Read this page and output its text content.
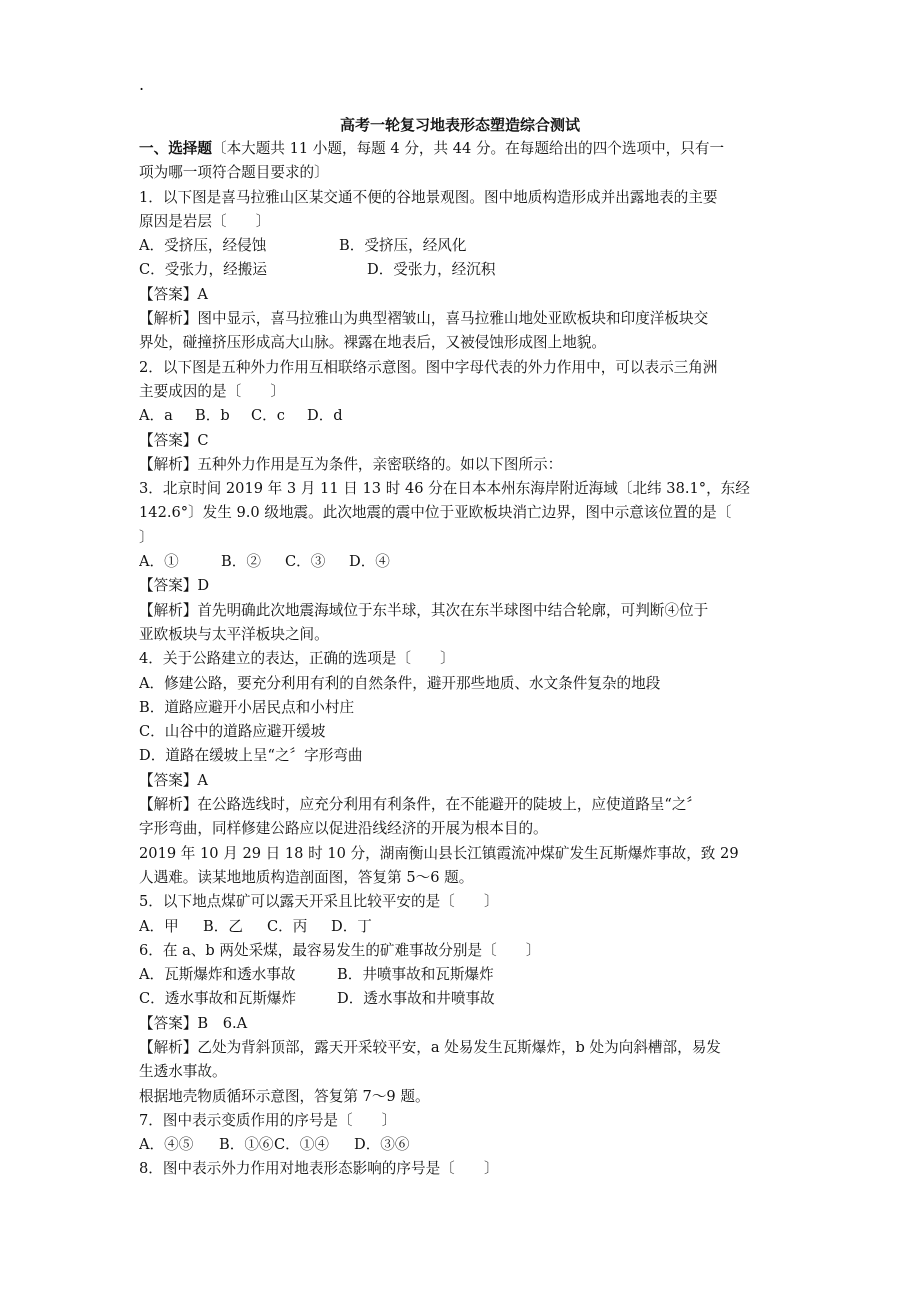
.
高考一轮复习地表形态塑造综合测试
一、选择题〔本大题共 11 小题，每题 4 分，共 44 分。在每题给出的四个选项中，只有一
项为哪一项符合题目要求的〕
1．以下图是喜马拉雅山区某交通不便的谷地景观图。图中地质构造形成并出露地表的主要
原因是岩层〔　　〕
A．受挤压，经侵蚀	B．受挤压，经风化
C．受张力，经搬运	D．受张力，经沉积
【答案】A
【解析】图中显示，喜马拉雅山为典型褶皱山，喜马拉雅山地处亚欧板块和印度洋板块交
界处，碰撞挤压形成高大山脉。裸露在地表后，又被侵蚀形成图上地貌。
2．以下图是五种外力作用互相联络示意图。图中字母代表的外力作用中，可以表示三角洲
主要成因的是〔　　〕
A．a B．b C．c D．d
【答案】C
【解析】五种外力作用是互为条件，亲密联络的。如以下图所示：
3．北京时间 2019 年 3 月 11 日 13 时 46 分在日本本州东海岸附近海域〔北纬 38.1°，东经
142.6°〕发生 9.0 级地震。此次地震的震中位于亚欧板块消亡边界，图中示意该位置的是〔
〕
A．①	B．② C．③ D．④
【答案】D
【解析】首先明确此次地震海域位于东半球，其次在东半球图中结合轮廓，可判断④位于
亚欧板块与太平洋板块之间。
4．关于公路建立的表达，正确的选项是〔　　〕
A．修建公路，要充分利用有利的自然条件，避开那些地质、水文条件复杂的地段
B．道路应避开小居民点和小村庄
C．山谷中的道路应避开缓坡
D．道路在缓坡上呈“之〞字形弯曲
【答案】A
【解析】在公路选线时，应充分利用有利条件，在不能避开的陡坡上，应使道路呈“之〞
字形弯曲，同样修建公路应以促进沿线经济的开展为根本目的。
2019 年 10 月 29 日 18 时 10 分，湖南衡山县长江镇霞流冲煤矿发生瓦斯爆炸事故，致 29
人遇难。读某地地质构造剖面图，答复第 5～6 题。
5．以下地点煤矿可以露天开采且比较平安的是〔　　〕
A．甲 B．乙 C．丙 D．丁
6．在 a、b 两处采煤，最容易发生的矿难事故分别是〔　　〕
A．瓦斯爆炸和透水事故	B．井喷事故和瓦斯爆炸
C．透水事故和瓦斯爆炸	D．透水事故和井喷事故
【答案】B　6.A
【解析】乙处为背斜顶部，露天开采较平安，a 处易发生瓦斯爆炸，b 处为向斜槽部，易发
生透水事故。
根据地壳物质循环示意图，答复第 7～9 题。
7．图中表示变质作用的序号是〔　　〕
A．④⑤ B．①⑥C．①④ D．③⑥
8．图中表示外力作用对地表形态影响的序号是〔　　〕
